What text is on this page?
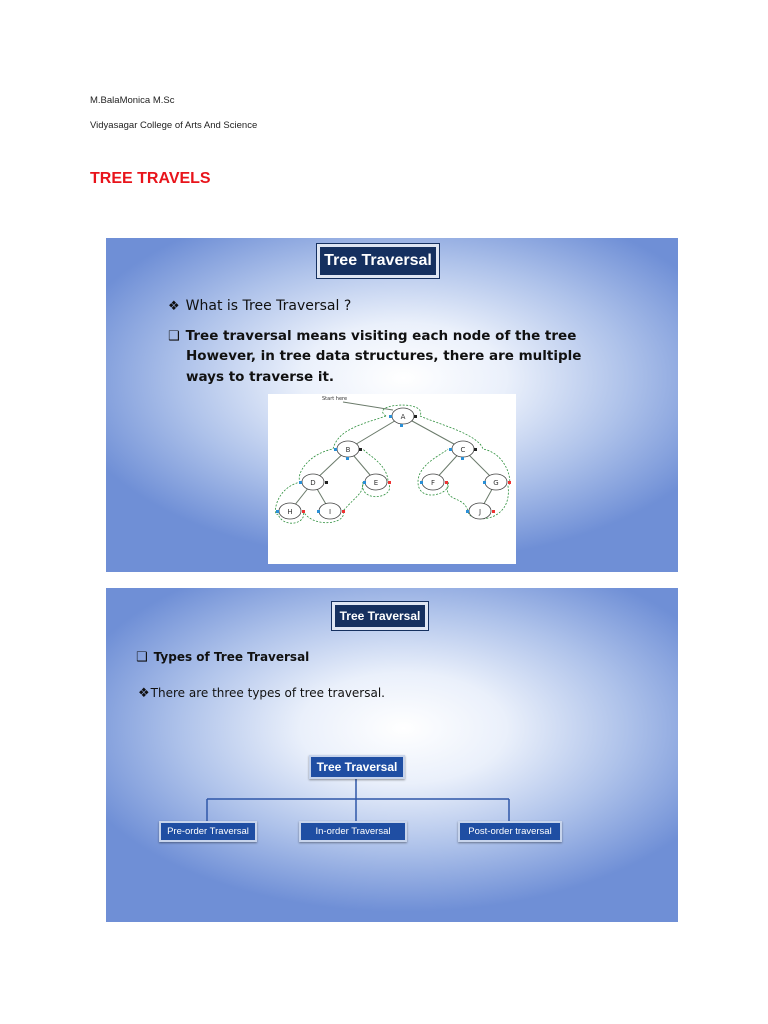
M.BalaMonica M.Sc
Vidyasagar College of Arts And Science
TREE TRAVELS
Tree Traversal
❖ What is Tree Traversal ?
❑ Tree traversal means visiting each node of the tree
However, in tree data structures, there are multiple
ways to traverse it.
Start here
A
B	C
D	E	F	G
H	I	J
Tree Traversal
❑ Types of Tree Traversal
❖There are three types of tree traversal.
Tree Traversal
Pre-order Traversal	In-order Traversal	Post-order traversal
